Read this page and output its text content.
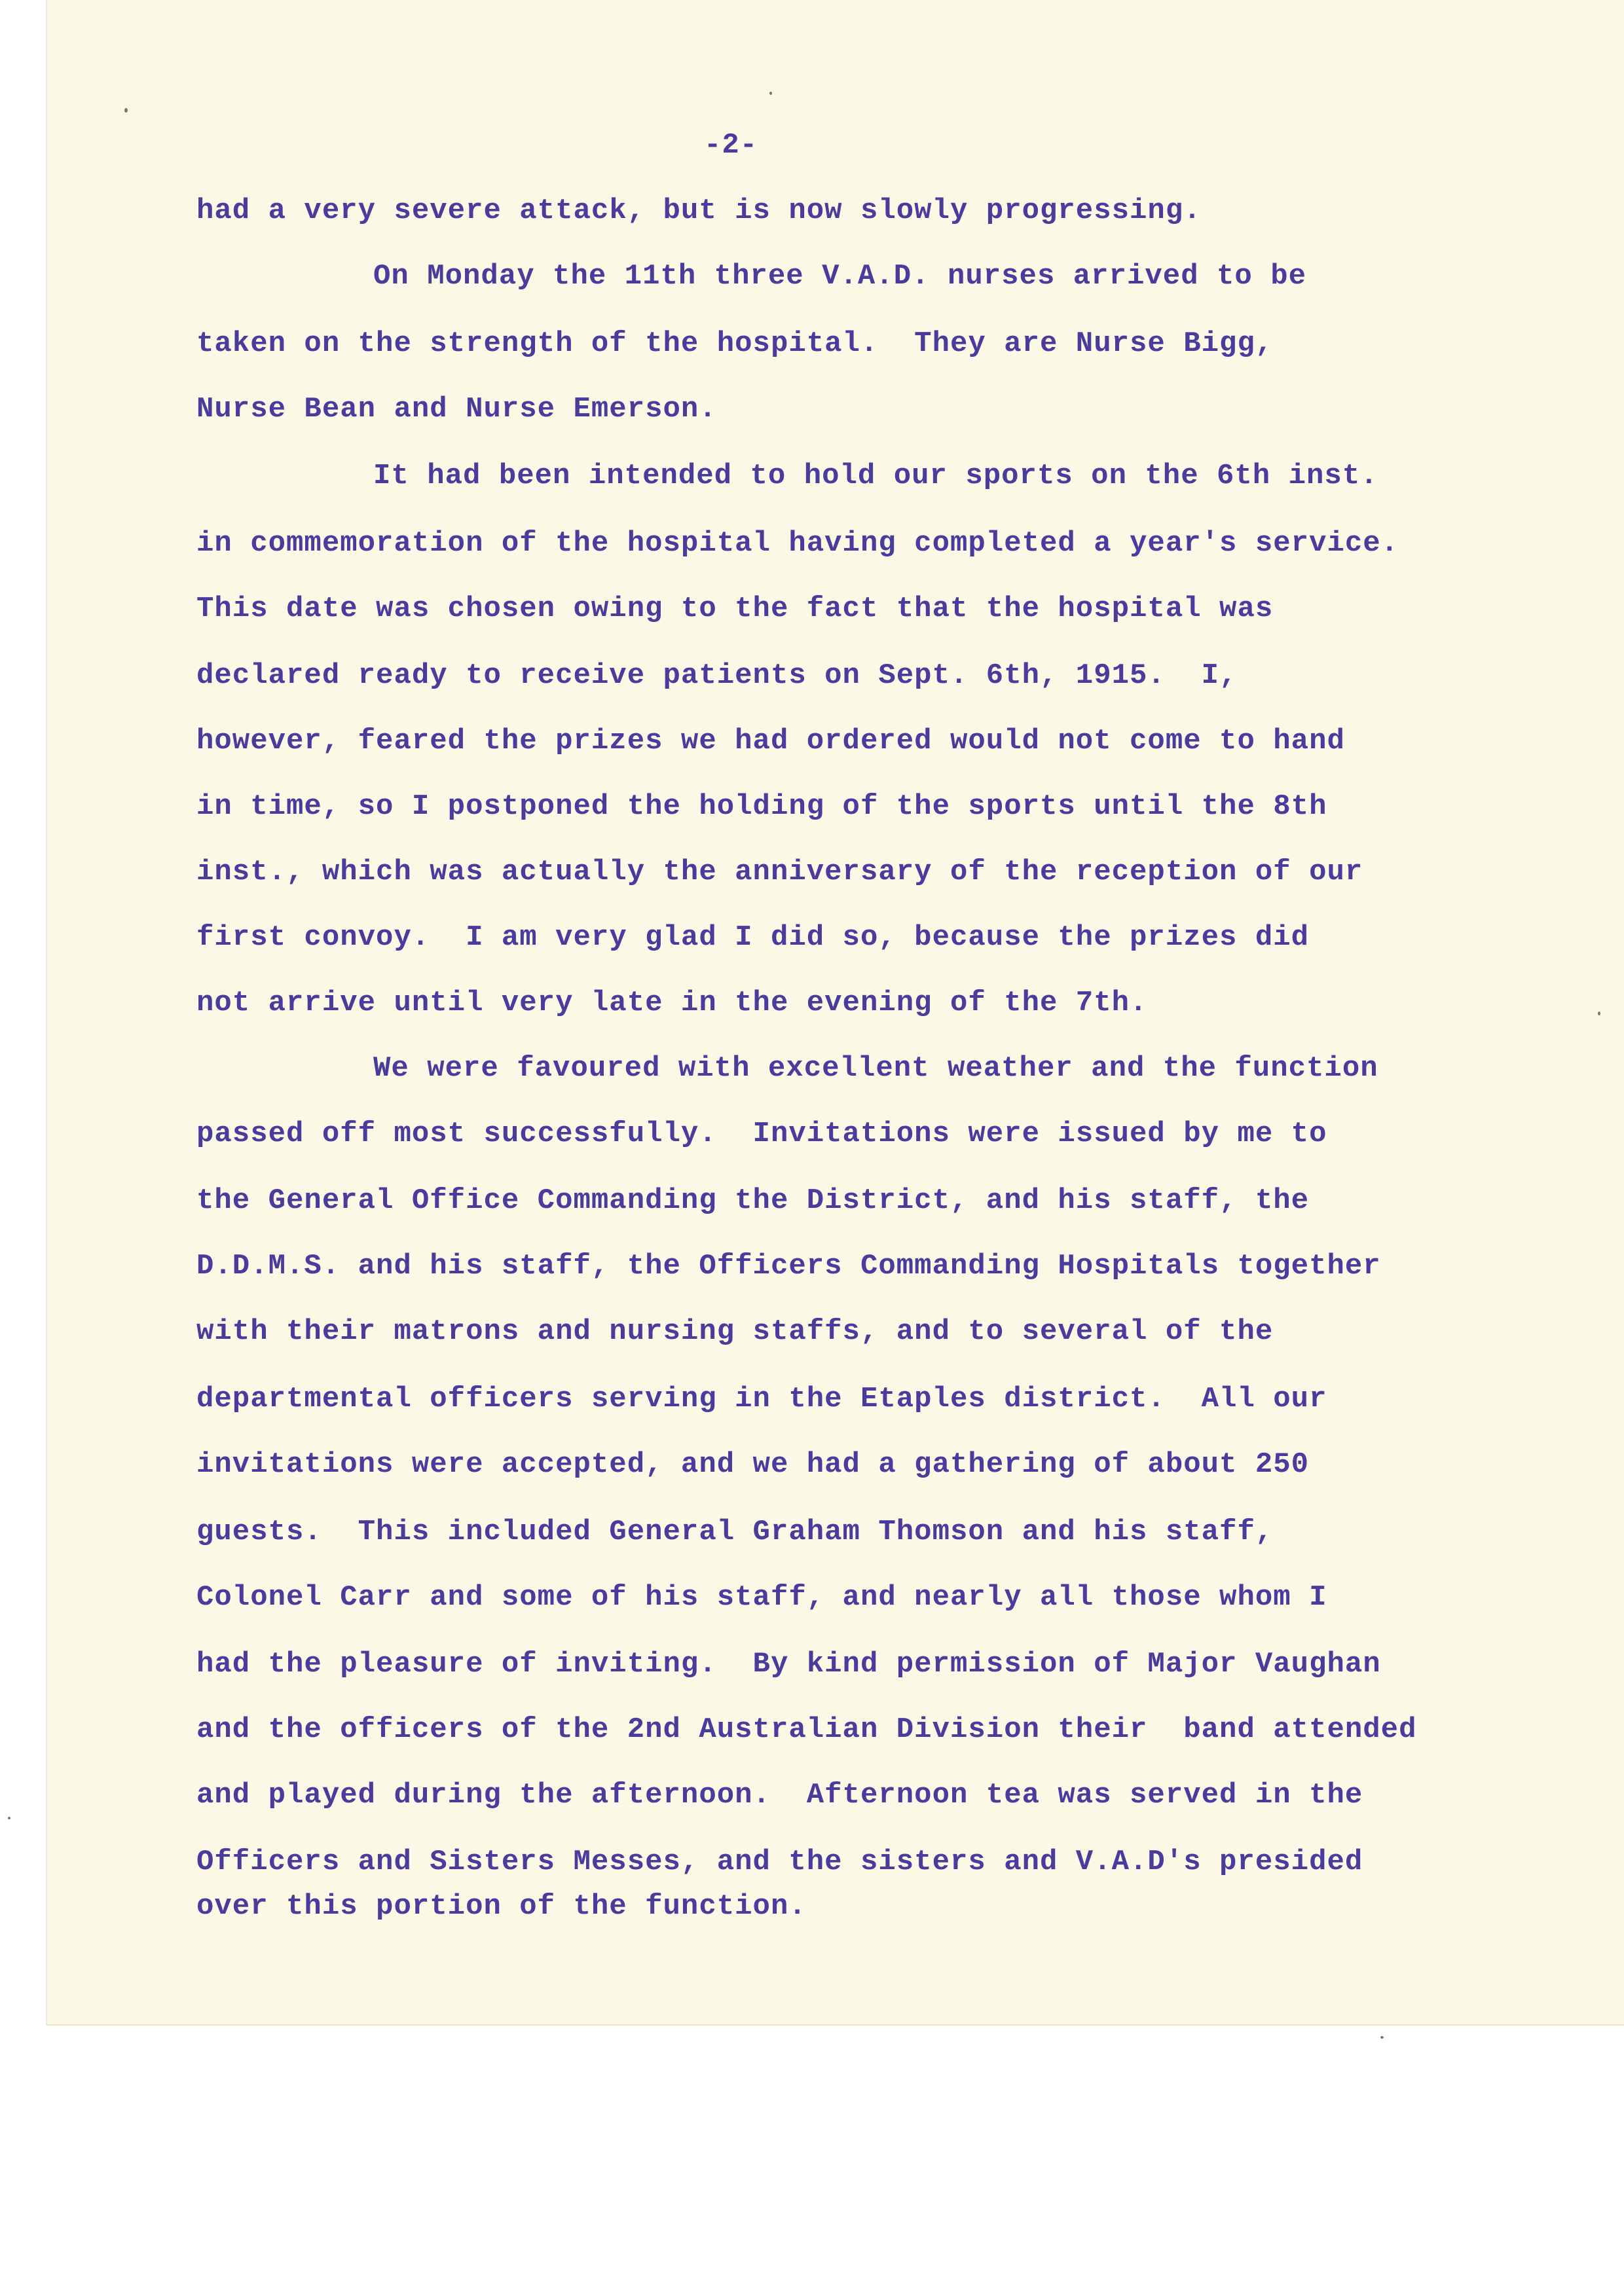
-2-
had a very severe attack, but is now slowly progressing.
On Monday the 11th three V.A.D. nurses arrived to be
taken on the strength of the hospital.  They are Nurse Bigg,
Nurse Bean and Nurse Emerson.
It had been intended to hold our sports on the 6th inst.
in commemoration of the hospital having completed a year's service.
This date was chosen owing to the fact that the hospital was
declared ready to receive patients on Sept. 6th, 1915.  I,
however, feared the prizes we had ordered would not come to hand
in time, so I postponed the holding of the sports until the 8th
inst., which was actually the anniversary of the reception of our
first convoy.  I am very glad I did so, because the prizes did
not arrive until very late in the evening of the 7th.
We were favoured with excellent weather and the function
passed off most successfully.  Invitations were issued by me to
the General Office Commanding the District, and his staff, the
D.D.M.S. and his staff, the Officers Commanding Hospitals together
with their matrons and nursing staffs, and to several of the
departmental officers serving in the Etaples district.  All our
invitations were accepted, and we had a gathering of about 250
guests.  This included General Graham Thomson and his staff,
Colonel Carr and some of his staff, and nearly all those whom I
had the pleasure of inviting.  By kind permission of Major Vaughan
and the officers of the 2nd Australian Division their  band attended
and played during the afternoon.  Afternoon tea was served in the
Officers and Sisters Messes, and the sisters and V.A.D's presided
over this portion of the function.
